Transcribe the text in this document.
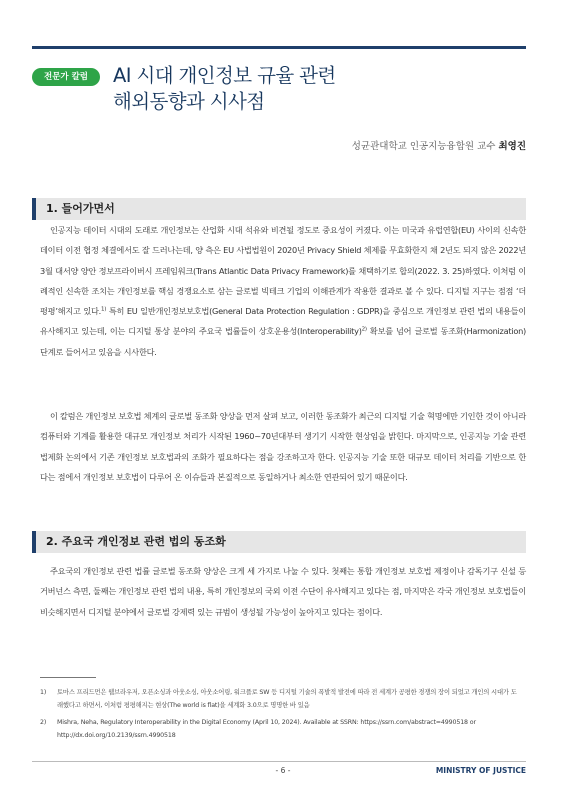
전문가 칼럼	AI 시대 개인정보 규율 관련
해외동향과 시사점
성균관대학교 인공지능융합원 교수 최영진
1. 들어가면서
인공지능 데이터 시대의 도래로 개인정보는 산업화 시대 석유와 비견될 정도로 중요성이 커졌다. 이는 미국과 유럽연합(EU) 사이의 신속한 데이터 이전 협정 체결에서도 잘 드러나는데, 양 측은 EU 사법법원이 2020년 Privacy Shield 체제를 무효화한지 채 2년도 되지 않은 2022년 3월 대서양 양안 정보프라이버시 프레임워크(Trans Atlantic Data Privacy Framework)를 채택하기로 합의(2022. 3. 25)하였다. 이처럼 이례적인 신속한 조치는 개인정보를 핵심 경쟁요소로 삼는 글로벌 빅테크 기업의 이해관계가 작용한 결과로 볼 수 있다. 디지털 지구는 점점 ‘더 평평’해지고 있다.$^{1)}$ 특히 EU 일반개인정보보호법(General Data Protection Regulation : GDPR)을 중심으로 개인정보 관련 법의 내용들이 유사해지고 있는데, 이는 디지털 통상 분야의 주요국 법률들이 상호운용성(Interoperability)$^{2)}$ 확보를 넘어 글로벌 동조화(Harmonization) 단계로 들어서고 있음을 시사한다.
이 칼럼은 개인정보 보호법 체계의 글로벌 동조화 양상을 먼저 살펴 보고, 이러한 동조화가 최근의 디지털 기술 혁명에만 기인한 것이 아니라 컴퓨터와 기계를 활용한 대규모 개인정보 처리가 시작된 1960~70년대부터 생기기 시작한 현상임을 밝힌다. 마지막으로, 인공지능 기술 관련 법제화 논의에서 기존 개인정보 보호법과의 조화가 필요하다는 점을 강조하고자 한다. 인공지능 기술 또한 대규모 데이터 처리를 기반으로 한다는 점에서 개인정보 보호법이 다루어 온 이슈들과 본질적으로 동일하거나 최소한 연관되어 있기 때문이다.
2. 주요국 개인정보 관련 법의 동조화
주요국의 개인정보 관련 법률 글로벌 동조화 양상은 크게 세 가지로 나눌 수 있다. 첫째는 통합 개인정보 보호법 제정이나 감독기구 신설 등 거버넌스 측면, 둘째는 개인정보 관련 법의 내용, 특히 개인정보의 국외 이전 수단이 유사해지고 있다는 점, 마지막은 각국 개인정보 보호법들이 비슷해지면서 디지털 분야에서 글로벌 강제력 있는 규범이 생성될 가능성이 높아지고 있다는 점이다.
1) 토마스 프리드먼은 웹브라우저, 오픈소싱과 아웃소싱, 아웃소어링, 워크플로 SW 등 디지털 기술의 폭발적 발전에 따라 전 세계가 공평한 경쟁의 장이 되었고 개인의 시대가 도래했다고 하면서, 이처럼 평평해지는 현상(The world is flat)을 세계화 3.0으로 명명한 바 있음
2) Mishra, Neha, Regulatory Interoperability in the Digital Economy (April 10, 2024). Available at SSRN: https://ssrn.com/abstract=4990518 or http://dx.doi.org/10.2139/ssrn.4990518
- 6 -	MINISTRY OF JUSTICE
